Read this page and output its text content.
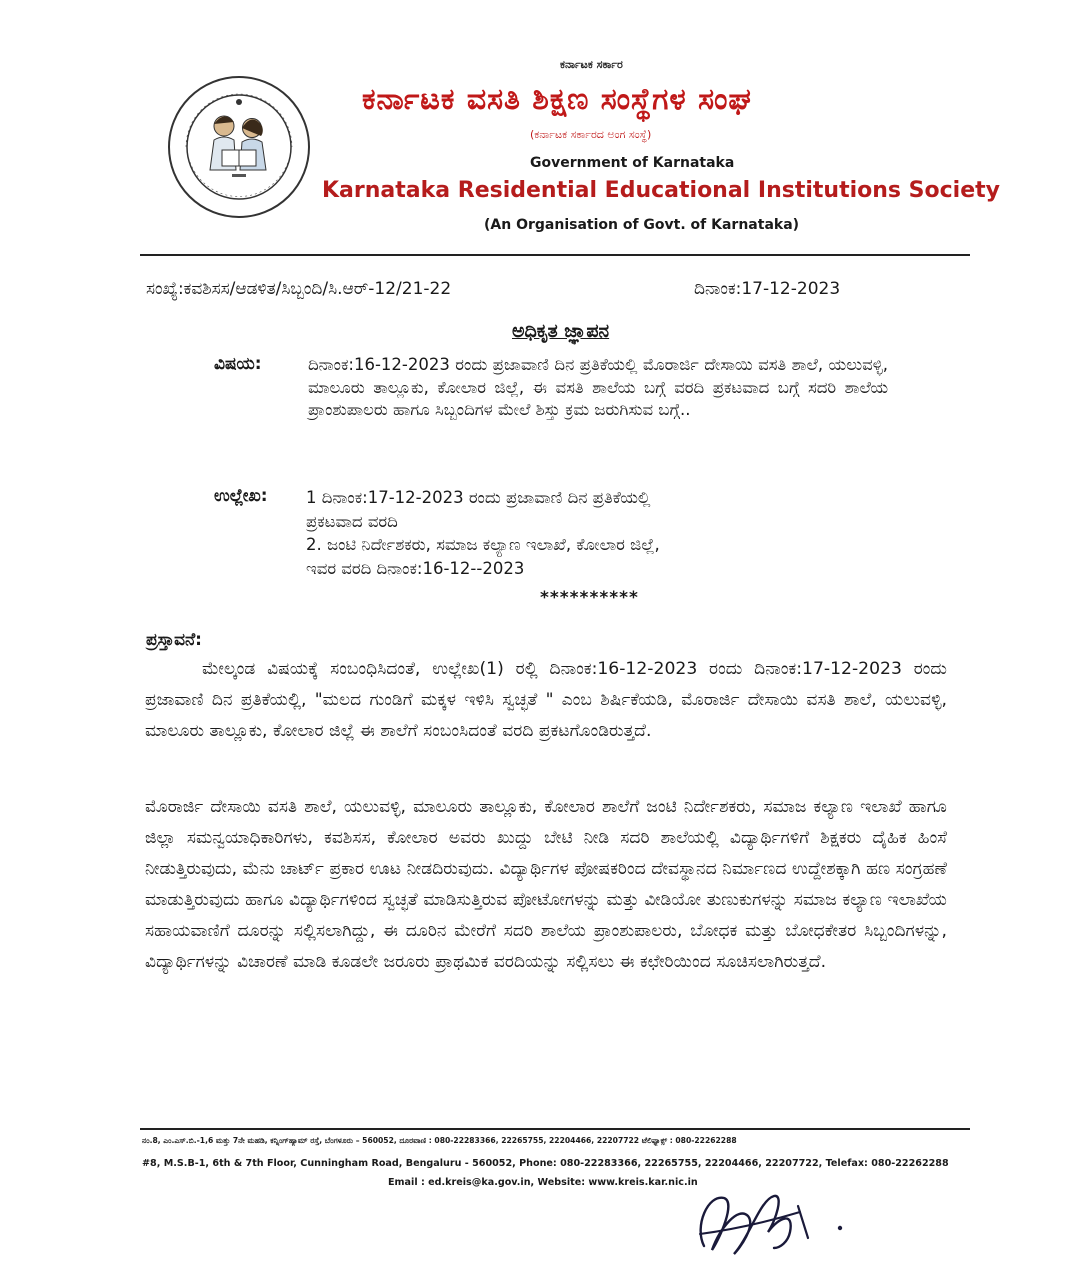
ಕರ್ನಾಟಕ ಸರ್ಕಾರ
ಕರ್ನಾಟಕ ವಸತಿ ಶಿಕ್ಷಣ ಸಂಸ್ಥೆಗಳ ಸಂಘ
(ಕರ್ನಾಟಕ ಸರ್ಕಾರದ ಅಂಗ ಸಂಸ್ಥೆ)
Government of Karnataka
Karnataka Residential Educational Institutions Society
(An Organisation of Govt. of Karnataka)
ಸಂಖ್ಯೆ:ಕವಶಿಸಸ/ಆಡಳಿತ/ಸಿಬ್ಬಂದಿ/ಸಿ.ಆರ್-12/21-22	ದಿನಾಂಕ:17-12-2023
ಅಧಿಕೃತ ಜ್ಞಾಪನ
ವಿಷಯ:	ದಿನಾಂಕ:16-12-2023 ರಂದು ಪ್ರಜಾವಾಣಿ ದಿನ ಪ್ರತಿಕೆಯಲ್ಲಿ ಮೊರಾರ್ಜಿ ದೇಸಾಯಿ ವಸತಿ ಶಾಲೆ, ಯಲುವಳ್ಳಿ, ಮಾಲೂರು ತಾಲ್ಲೂಕು, ಕೋಲಾರ ಜಿಲ್ಲೆ, ಈ ವಸತಿ ಶಾಲೆಯ ಬಗ್ಗೆ ವರದಿ ಪ್ರಕಟವಾದ ಬಗ್ಗೆ ಸದರಿ ಶಾಲೆಯ ಪ್ರಾಂಶುಪಾಲರು ಹಾಗೂ ಸಿಬ್ಬಂದಿಗಳ ಮೇಲೆ ಶಿಸ್ತು ಕ್ರಮ ಜರುಗಿಸುವ ಬಗ್ಗೆ..
ಉಲ್ಲೇಖ: 1 ದಿನಾಂಕ:17-12-2023 ರಂದು ಪ್ರಜಾವಾಣಿ ದಿನ ಪ್ರತಿಕೆಯಲ್ಲಿ
ಪ್ರಕಟವಾದ ವರದಿ
2. ಜಂಟಿ ನಿರ್ದೇಶಕರು, ಸಮಾಜ ಕಲ್ಯಾಣ ಇಲಾಖೆ, ಕೋಲಾರ ಜಿಲ್ಲೆ,
ಇವರ ವರದಿ ದಿನಾಂಕ:16-12--2023
**********
ಪ್ರಸ್ತಾವನೆ:
ಮೇಲ್ಕಂಡ ವಿಷಯಕ್ಕೆ ಸಂಬಂಧಿಸಿದಂತೆ, ಉಲ್ಲೇಖ(1) ರಲ್ಲಿ ದಿನಾಂಕ:16-12-2023 ರಂದು ದಿನಾಂಕ:17-12-2023 ರಂದು ಪ್ರಜಾವಾಣಿ ದಿನ ಪ್ರತಿಕೆಯಲ್ಲಿ, "ಮಲದ ಗುಂಡಿಗೆ ಮಕ್ಕಳ ಇಳಿಸಿ ಸ್ವಚ್ಛತೆ " ಎಂಬ ಶಿರ್ಷಿಕೆಯಡಿ, ಮೊರಾರ್ಜಿ ದೇಸಾಯಿ ವಸತಿ ಶಾಲೆ, ಯಲುವಳ್ಳಿ, ಮಾಲೂರು ತಾಲ್ಲೂಕು, ಕೋಲಾರ ಜಿಲ್ಲೆ ಈ ಶಾಲೆಗೆ ಸಂಬಂಸಿದಂತೆ ವರದಿ ಪ್ರಕಟಗೊಂಡಿರುತ್ತದೆ.
ಮೊರಾರ್ಜಿ ದೇಸಾಯಿ ವಸತಿ ಶಾಲೆ, ಯಲುವಳ್ಳಿ, ಮಾಲೂರು ತಾಲ್ಲೂಕು, ಕೋಲಾರ ಶಾಲೆಗೆ ಜಂಟಿ ನಿರ್ದೇಶಕರು, ಸಮಾಜ ಕಲ್ಯಾಣ ಇಲಾಖೆ ಹಾಗೂ ಜಿಲ್ಲಾ ಸಮನ್ವಯಾಧಿಕಾರಿಗಳು, ಕವಶಿಸಸ, ಕೋಲಾರ ಅವರು ಖುದ್ದು ಬೇಟಿ ನೀಡಿ ಸದರಿ ಶಾಲೆಯಲ್ಲಿ ವಿದ್ಯಾರ್ಥಿಗಳಿಗೆ ಶಿಕ್ಷಕರು ದೈಹಿಕ ಹಿಂಸೆ ನೀಡುತ್ತಿರುವುದು, ಮೆನು ಚಾರ್ಟ್ ಪ್ರಕಾರ ಊಟ ನೀಡದಿರುವುದು. ವಿದ್ಯಾರ್ಥಿಗಳ ಪೋಷಕರಿಂದ ದೇವಸ್ಥಾನದ ನಿರ್ಮಾಣದ ಉದ್ದೇಶಕ್ಕಾಗಿ ಹಣ ಸಂಗ್ರಹಣೆ ಮಾಡುತ್ತಿರುವುದು ಹಾಗೂ ವಿದ್ಯಾರ್ಥಿಗಳಿಂದ ಸ್ವಚ್ಛತೆ ಮಾಡಿಸುತ್ತಿರುವ ಪೋಟೋಗಳನ್ನು ಮತ್ತು ವೀಡಿಯೋ ತುಣುಕುಗಳನ್ನು ಸಮಾಜ ಕಲ್ಯಾಣ ಇಲಾಖೆಯ ಸಹಾಯವಾಣಿಗೆ ದೂರನ್ನು ಸಲ್ಲಿಸಲಾಗಿದ್ದು, ಈ ದೂರಿನ ಮೇರೆಗೆ ಸದರಿ ಶಾಲೆಯ ಪ್ರಾಂಶುಪಾಲರು, ಬೋಧಕ ಮತ್ತು ಬೋಧಕೇತರ ಸಿಬ್ಬಂದಿಗಳನ್ನು, ವಿದ್ಯಾರ್ಥಿಗಳನ್ನು ವಿಚಾರಣೆ ಮಾಡಿ ಕೂಡಲೇ ಜರೂರು ಪ್ರಾಥಮಿಕ ವರದಿಯನ್ನು ಸಲ್ಲಿಸಲು ಈ ಕಛೇರಿಯಿಂದ ಸೂಚಿಸಲಾಗಿರುತ್ತದೆ.
ನಂ.8, ಎಂ.ಎಸ್.ಬಿ.-1,6 ಮತ್ತು 7ನೇ ಮಹಡಿ, ಕನ್ನಿಂಗ್‌ಹ್ಯಾಮ್ ರಸ್ತೆ, ಬೆಂಗಳೂರು – 560052, ದೂರವಾಣಿ : 080-22283366, 22265755, 22204466, 22207722 ಟೆಲಿಫ್ಯಾಕ್ಸ್ : 080-22262288
#8, M.S.B-1, 6th & 7th Floor, Cunningham Road, Bengaluru - 560052, Phone: 080-22283366, 22265755, 22204466, 22207722, Telefax: 080-22262288
Email : ed.kreis@ka.gov.in, Website: www.kreis.kar.nic.in
